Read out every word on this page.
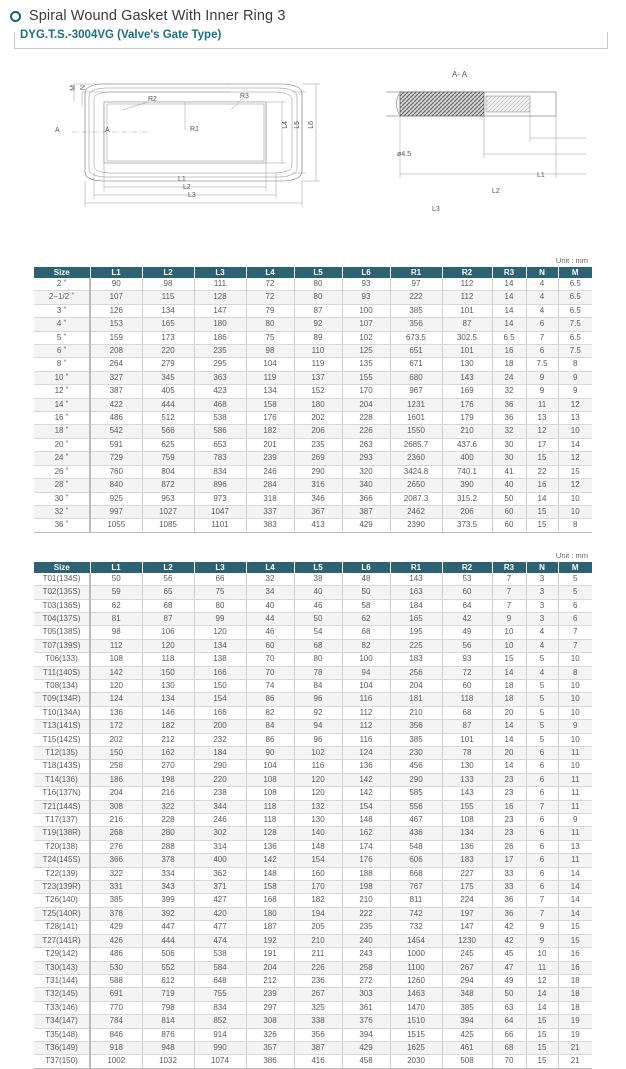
Spiral Wound Gasket With Inner Ring 3
DYG.T.S.-3004VG (Valve's Gate Type)
M N
A	A
R2
R1
R3
L1
L2
L3
L4 L5 L6
A- A
ø4.5
L1
L2
L3
Unit : mm
Size	L1	L2	L3	L4	L5	L6	R1	R2	R3	N	M
2 ˮ	90	98	111	72	80	93	97	112	14	4	6.5
2−1/2 ˮ	107	115	128	72	80	93	222	112	14	4	6.5
3 ˮ	126	134	147	79	87	100	385	101	14	4	6.5
4 ˮ	153	165	180	80	92	107	356	87	14	6	7.5
5 ˮ	159	173	186	75	89	102	673.5	302.5	6.5	7	6.5
6 ˮ	208	220	235	98	110	125	651	101	16	6	7.5
8 ˮ	264	279	295	104	119	135	671	130	18	7.5	8
10 ˮ	327	345	363	119	137	155	680	143	24	9	9
12 ˮ	387	405	423	134	152	170	967	169	32	9	9
14 ˮ	422	444	468	158	180	204	1231	176	36	11	12
16 ˮ	486	512	538	176	202	228	1601	179	36	13	13
18 ˮ	542	566	586	182	206	226	1550	210	32	12	10
20 ˮ	591	625	653	201	235	263	2685.7	437.6	30	17	14
24 ˮ	729	759	783	239	269	293	2360	400	30	15	12
26 ˮ	760	804	834	246	290	320	3424.8	740.1	41	22	15
28 ˮ	840	872	896	284	316	340	2650	390	40	16	12
30 ˮ	925	953	973	318	346	366	2087.3	315.2	50	14	10
32 ˮ	997	1027	1047	337	367	387	2462	206	60	15	10
36 ˮ	1055	1085	1101	383	413	429	2390	373.5	60	15	8
Unit : mm
Size	L1	L2	L3	L4	L5	L6	R1	R2	R3	N	M
T01(134S)	50	56	66	32	38	48	143	53	7	3	5
T02(135S)	59	65	75	34	40	50	163	60	7	3	5
T03(136S)	62	68	80	40	46	58	184	64	7	3	6
T04(137S)	81	87	99	44	50	62	165	42	9	3	6
T05(138S)	98	106	120	46	54	68	195	49	10	4	7
T07(139S)	112	120	134	60	68	82	225	56	10	4	7
T06(133)	108	118	138	70	80	100	183	93	15	5	10
T11(140S)	142	150	166	70	78	94	256	72	14	4	8
T08(134)	120	130	150	74	84	104	204	60	18	5	10
T09(134R)	124	134	154	86	96	116	181	118	18	5	10
T10(134A)	136	146	166	82	92	112	210	68	20	5	10
T13(141S)	172	182	200	84	94	112	356	87	14	5	9
T15(142S)	202	212	232	86	96	116	385	101	14	5	10
T12(135)	150	162	184	90	102	124	230	78	20	6	11
T18(143S)	258	270	290	104	116	136	456	130	14	6	10
T14(136)	186	198	220	108	120	142	290	133	23	6	11
T16(137N)	204	216	238	108	120	142	585	143	23	6	11
T21(144S)	308	322	344	118	132	154	556	155	16	7	11
T17(137)	216	228	246	118	130	148	467	108	23	6	9
T19(138R)	268	280	302	128	140	162	436	134	23	6	11
T20(138)	276	288	314	136	148	174	548	136	26	6	13
T24(145S)	366	378	400	142	154	176	606	183	17	6	11
T22(139)	322	334	362	148	160	188	668	227	33	6	14
T23(139R)	331	343	371	158	170	198	767	175	33	6	14
T26(140)	385	399	427	168	182	210	811	224	36	7	14
T25(140R)	378	392	420	180	194	222	742	197	36	7	14
T28(141)	429	447	477	187	205	235	732	147	42	9	15
T27(141R)	426	444	474	192	210	240	1454	1230	42	9	15
T29(142)	486	506	538	191	211	243	1000	245	45	10	16
T30(143)	530	552	584	204	226	258	1100	267	47	11	16
T31(144)	588	612	648	212	236	272	1260	294	49	12	18
T32(145)	691	719	755	239	267	303	1463	348	50	14	18
T33(146)	770	798	834	297	325	361	1470	385	63	14	18
T34(147)	784	814	852	308	338	376	1510	394	64	15	19
T35(148)	846	876	914	326	356	394	1515	425	66	15	19
T36(149)	918	948	990	357	387	429	1625	461	68	15	21
T37(150)	1002	1032	1074	386	416	458	2030	508	70	15	21
